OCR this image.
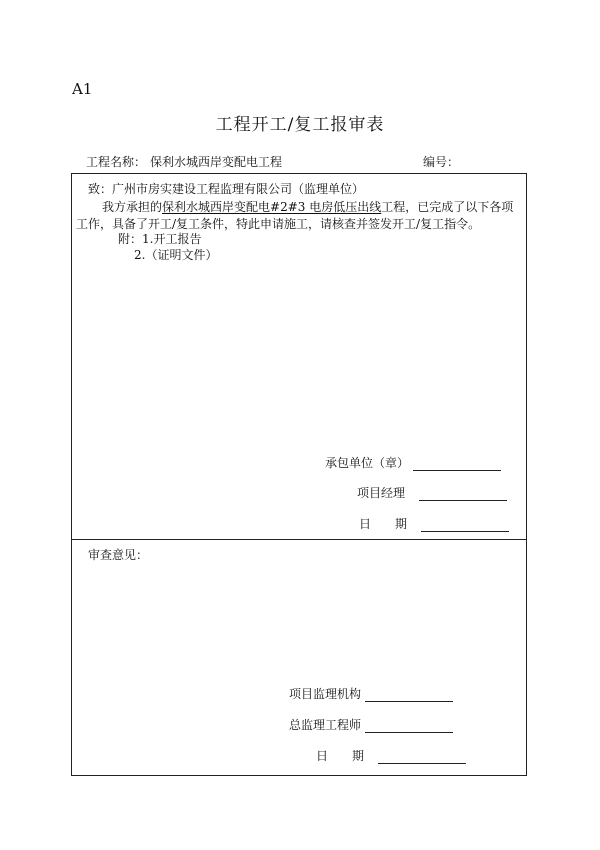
A1
工程开工/复工报审表
工程名称： 保利水城西岸变配电工程	编号：
致：广州市房实建设工程监理有限公司（监理单位）
我方承担的保利水城西岸变配电#2#3 电房低压出线工程，已完成了以下各项
工作，具备了开工/复工条件，特此申请施工，请核查并签发开工/复工指令。
附：1.开工报告
2.（证明文件）
承包单位（章）
项目经理
日　　期
审查意见：
项目监理机构
总监理工程师
日　　期
